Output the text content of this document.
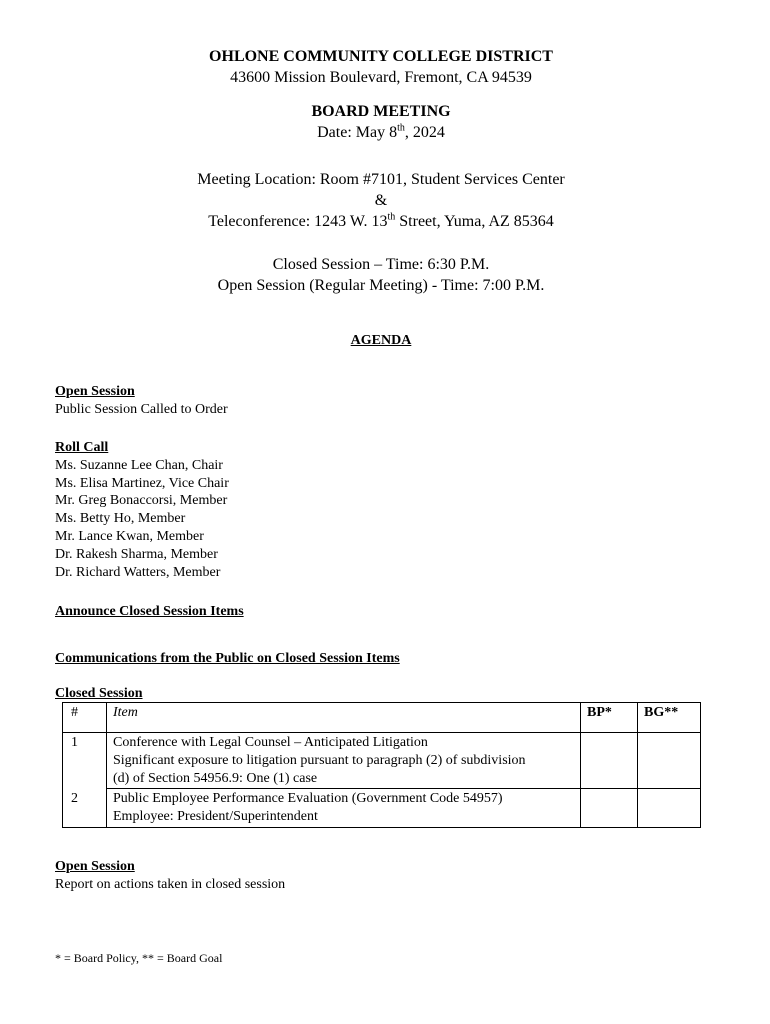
OHLONE COMMUNITY COLLEGE DISTRICT
43600 Mission Boulevard, Fremont, CA 94539
BOARD MEETING
Date: May 8th, 2024
Meeting Location: Room #7101, Student Services Center
&
Teleconference: 1243 W. 13th Street, Yuma, AZ 85364
Closed Session – Time: 6:30 P.M.
Open Session (Regular Meeting) - Time: 7:00 P.M.
AGENDA
Open Session
Public Session Called to Order
Roll Call
Ms. Suzanne Lee Chan, Chair
Ms. Elisa Martinez, Vice Chair
Mr. Greg Bonaccorsi, Member
Ms. Betty Ho, Member
Mr. Lance Kwan, Member
Dr. Rakesh Sharma, Member
Dr. Richard Watters, Member
Announce Closed Session Items
Communications from the Public on Closed Session Items
Closed Session
#	Item	BP*	BG**
1	Conference with Legal Counsel – Anticipated Litigation
Significant exposure to litigation pursuant to paragraph (2) of subdivision
(d) of Section 54956.9: One (1) case		

2	Public Employee Performance Evaluation (Government Code 54957)
Employee: President/Superintendent		

Open Session
Report on actions taken in closed session
* = Board Policy, ** = Board Goal
